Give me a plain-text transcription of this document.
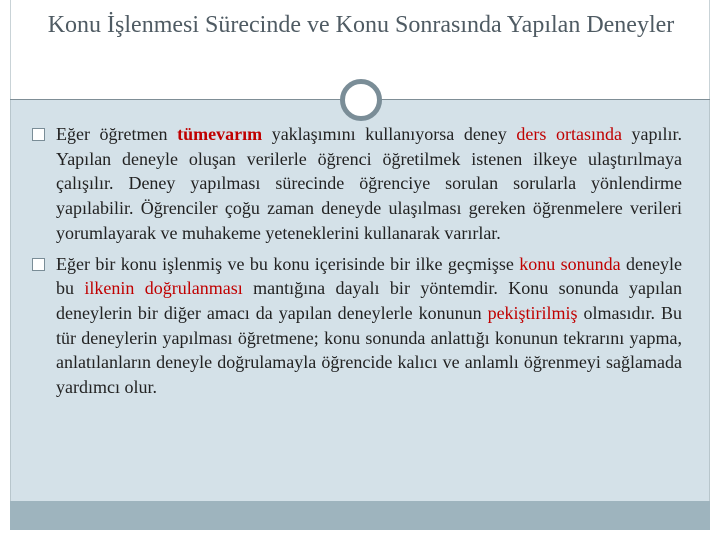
Konu İşlenmesi Sürecinde ve Konu Sonrasında Yapılan Deneyler

Eğer öğretmen tümevarım yaklaşımını kullanıyorsa deney ders ortasında yapılır. Yapılan deneyle oluşan verilerle öğrenci öğretilmek istenen ilkeye ulaştırılmaya çalışılır. Deney yapılması sürecinde öğrenciye sorulan sorularla yönlendirme yapılabilir. Öğrenciler çoğu zaman deneyde ulaşılması gereken öğrenmelere verileri yorumlayarak ve muhakeme yeteneklerini kullanarak varırlar.

Eğer bir konu işlenmiş ve bu konu içerisinde bir ilke geçmişse konu sonunda deneyle bu ilkenin doğrulanması mantığına dayalı bir yöntemdir. Konu sonunda yapılan deneylerin bir diğer amacı da yapılan deneylerle konunun pekiştirilmiş olmasıdır. Bu tür deneylerin yapılması öğretmene; konu sonunda anlattığı konunun tekrarını yapma, anlatılanların deneyle doğrulamayla öğrencide kalıcı ve anlamlı öğrenmeyi sağlamada yardımcı olur.
